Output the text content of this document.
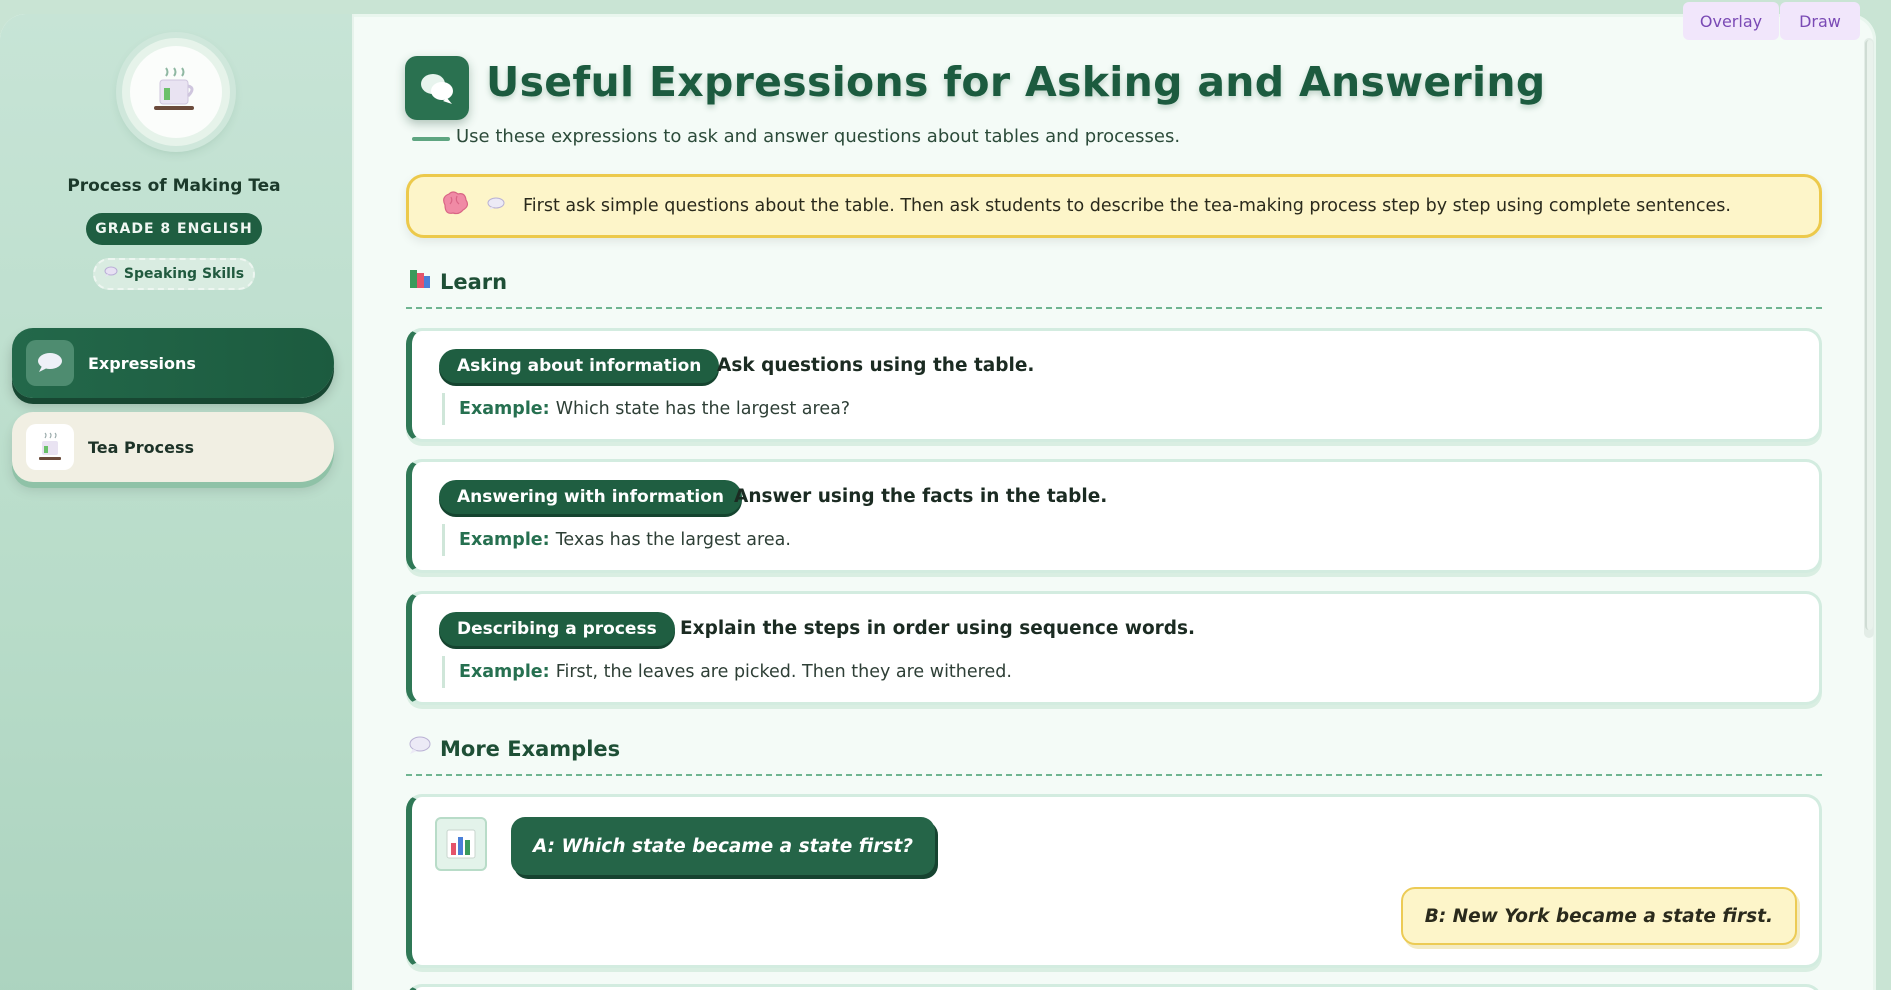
Process of Making Tea
GRADE 8 ENGLISH
Speaking Skills
Expressions
Tea Process
Useful Expressions for Asking and Answering

Use these expressions to ask and answer questions about tables and processes.

First ask simple questions about the table. Then ask students to describe the tea-making process step by step using complete sentences.
Learn
Asking about information Ask questions using the table.
Example: Which state has the largest area?
Answering with information Answer using the facts in the table.
Example: Texas has the largest area.
Describing a process	Explain the steps in order using sequence words.
Example: First, the leaves are picked. Then they are withered.
More Examples
A: Which state became a state first?
B: New York became a state first.
Overlay	Draw
